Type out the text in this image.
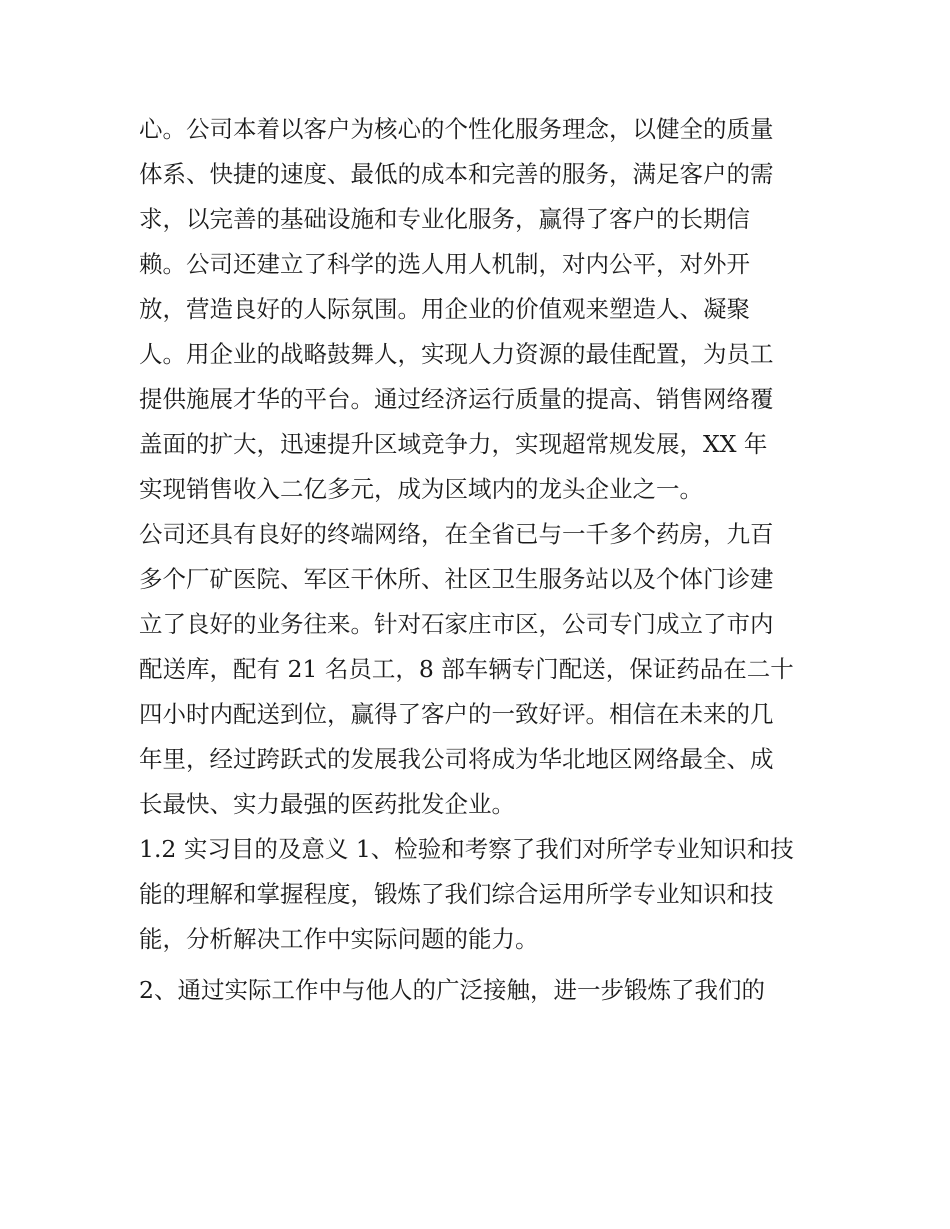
心。公司本着以客户为核心的个性化服务理念，以健全的质量
体系、快捷的速度、最低的成本和完善的服务，满足客户的需
求，以完善的基础设施和专业化服务，赢得了客户的长期信
赖。公司还建立了科学的选人用人机制，对内公平，对外开
放，营造良好的人际氛围。用企业的价值观来塑造人、凝聚
人。用企业的战略鼓舞人，实现人力资源的最佳配置，为员工
提供施展才华的平台。通过经济运行质量的提高、销售网络覆
盖面的扩大，迅速提升区域竞争力，实现超常规发展，XX 年
实现销售收入二亿多元，成为区域内的龙头企业之一。
公司还具有良好的终端网络，在全省已与一千多个药房，九百
多个厂矿医院、军区干休所、社区卫生服务站以及个体门诊建
立了良好的业务往来。针对石家庄市区，公司专门成立了市内
配送库，配有 21 名员工，8 部车辆专门配送，保证药品在二十
四小时内配送到位，赢得了客户的一致好评。相信在未来的几
年里，经过跨跃式的发展我公司将成为华北地区网络最全、成
长最快、实力最强的医药批发企业。
1.2 实习目的及意义 1、检验和考察了我们对所学专业知识和技
能的理解和掌握程度，锻炼了我们综合运用所学专业知识和技
能，分析解决工作中实际问题的能力。
2、通过实际工作中与他人的广泛接触，进一步锻炼了我们的
